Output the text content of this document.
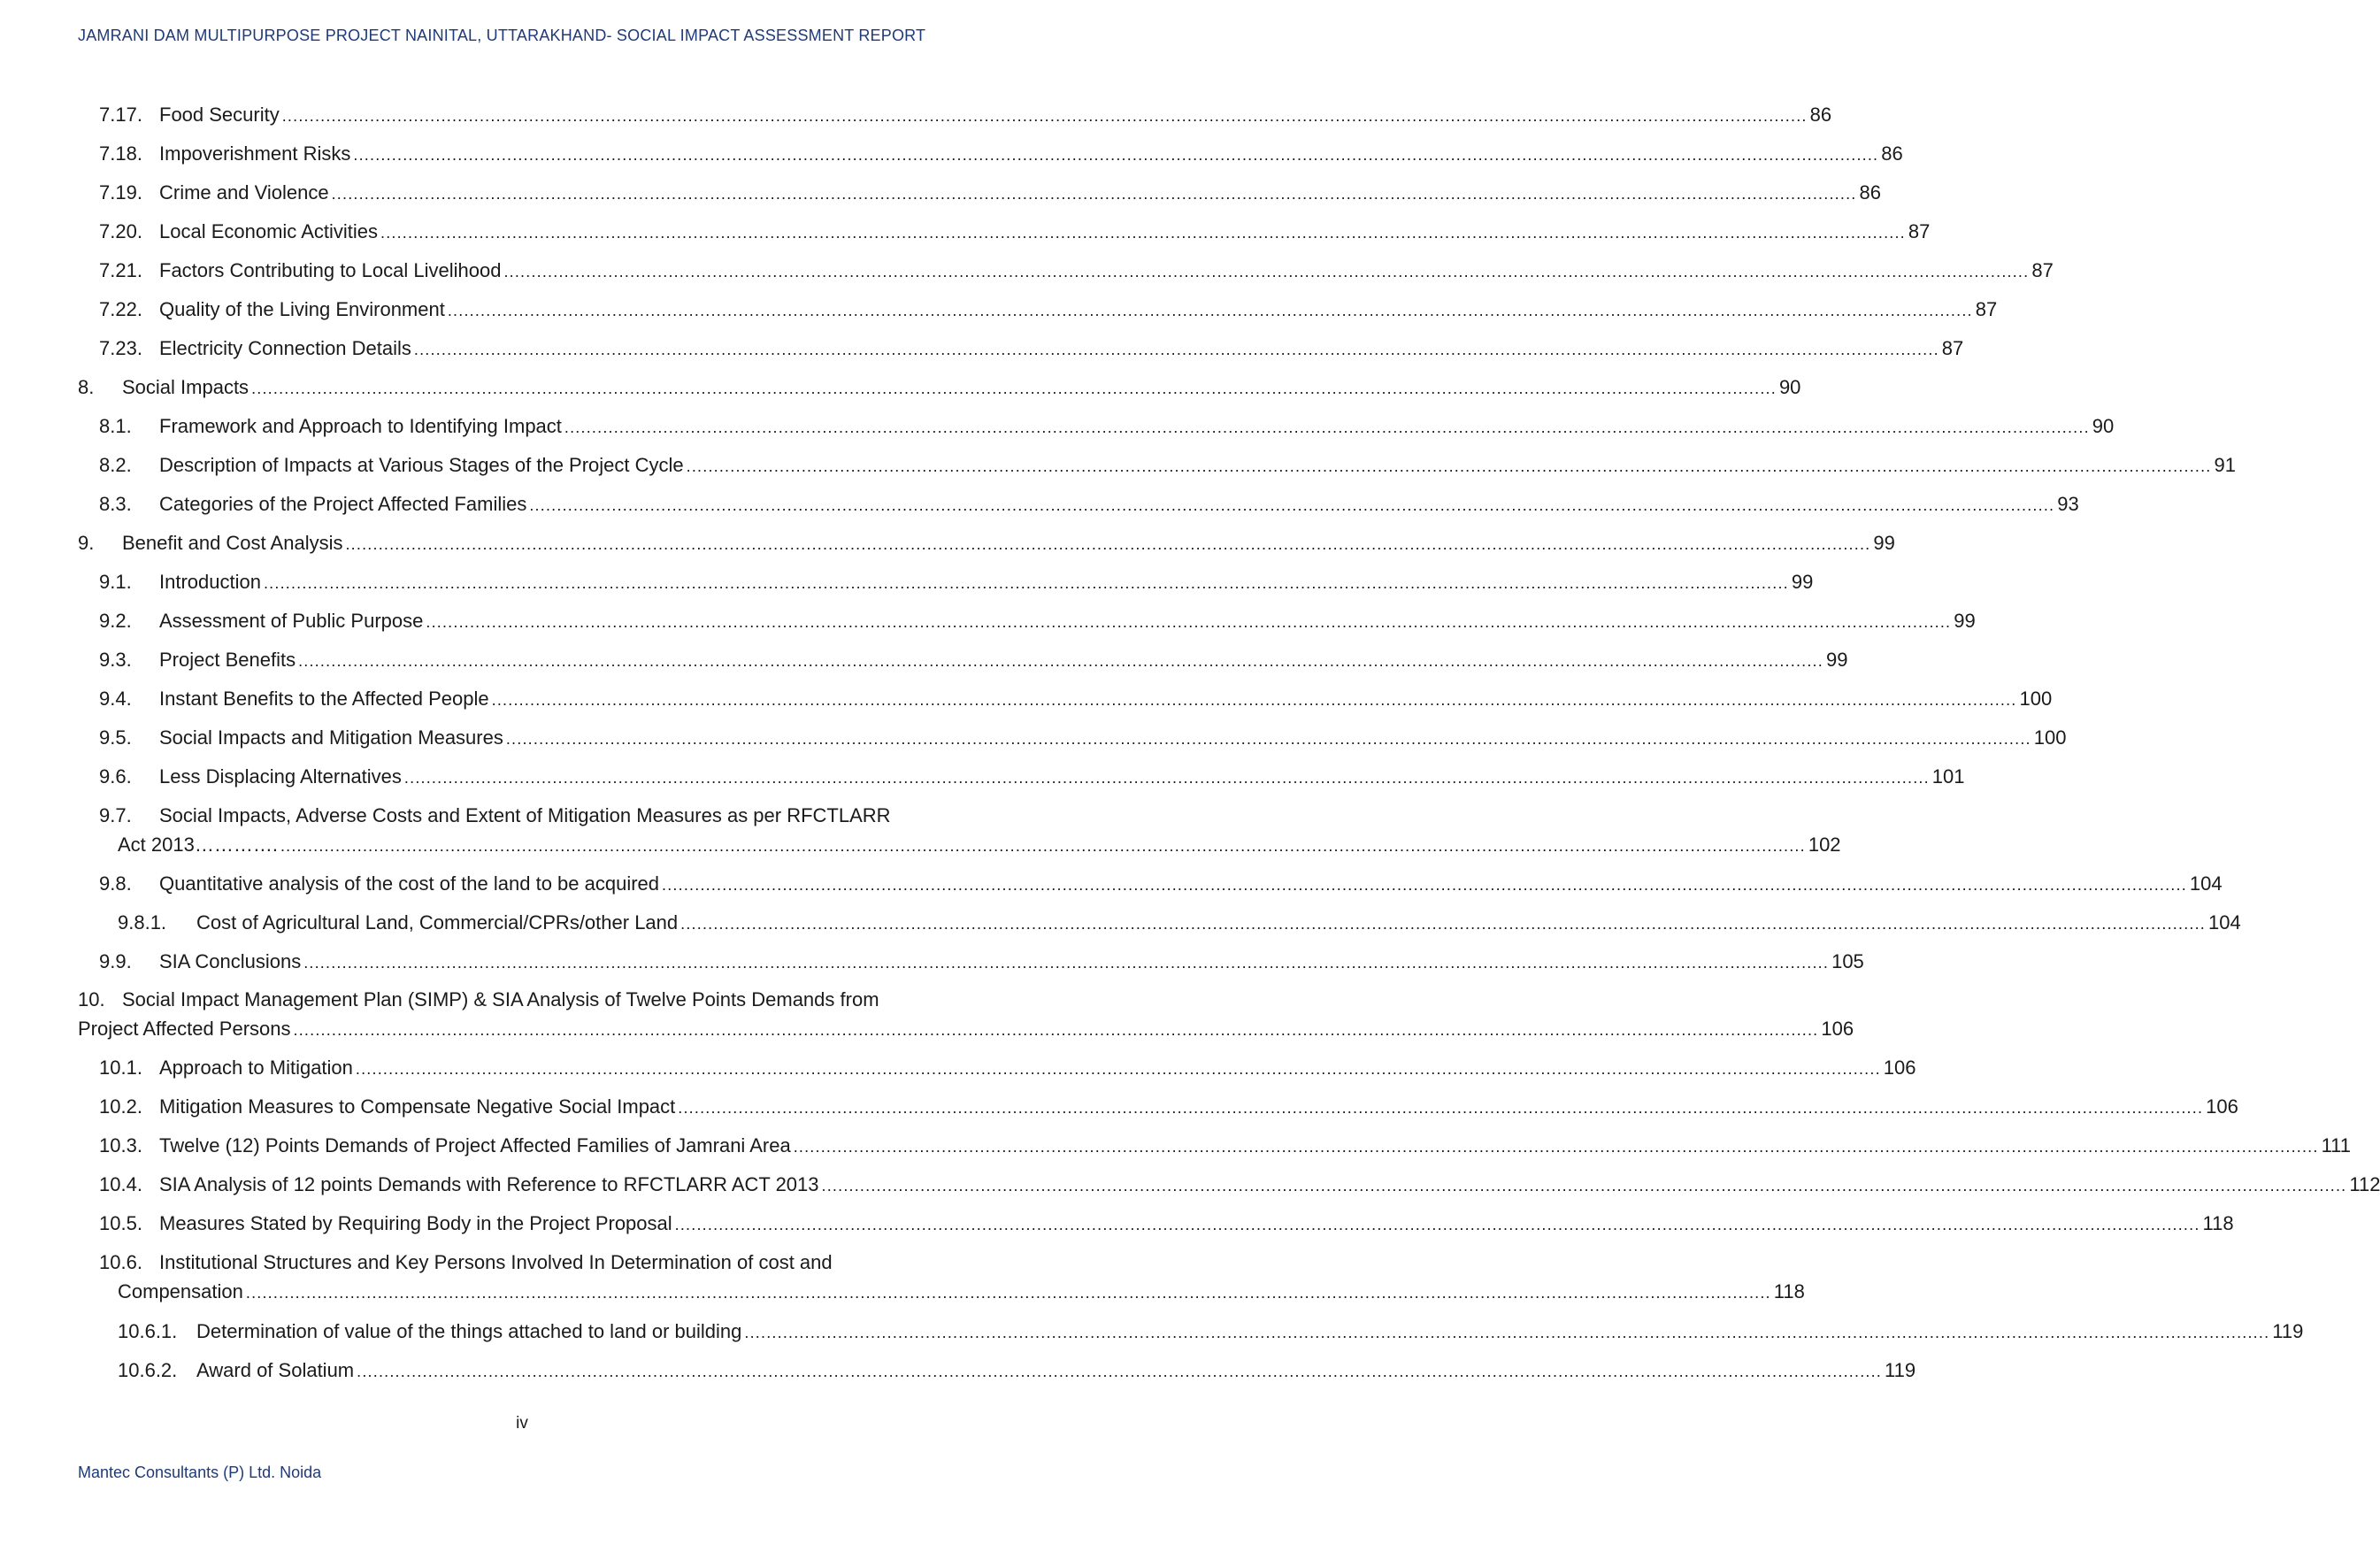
JAMRANI DAM MULTIPURPOSE PROJECT NAINITAL, UTTARAKHAND- SOCIAL IMPACT ASSESSMENT REPORT
7.17. Food Security .....	86
7.18. Impoverishment Risks .....	86
7.19. Crime and Violence .....	86
7.20. Local Economic Activities .....	87
7.21. Factors Contributing to Local Livelihood .....	87
7.22. Quality of the Living Environment .....	87
7.23. Electricity Connection Details .....	87
8.	Social Impacts .....	90
8.1.	Framework and Approach to Identifying Impact .....	90
8.2.	Description of Impacts at Various Stages of the Project Cycle .....	91
8.3.	Categories of the Project Affected Families .....	93
9.	Benefit and Cost Analysis .....	99
9.1.	Introduction .....	99
9.2.	Assessment of Public Purpose .....	99
9.3.	Project Benefits .....	99
9.4.	Instant Benefits to the Affected People .....	100
9.5.	Social Impacts and Mitigation Measures .....	100
9.6.	Less Displacing Alternatives .....	101
9.7.	Social Impacts, Adverse Costs and Extent of Mitigation Measures as per RFCTLARR
Act 2013…………. .....	102
9.8.	Quantitative analysis of the cost of the land to be acquired .....	104
9.8.1.	Cost of Agricultural Land, Commercial/CPRs/other Land .....	104
9.9.	SIA Conclusions .....	105
10. Social Impact Management Plan (SIMP) & SIA Analysis of Twelve Points Demands from
Project Affected Persons .....	106
10.1. Approach to Mitigation .....	106
10.2. Mitigation Measures to Compensate Negative Social Impact .....	106
10.3. Twelve (12) Points Demands of Project Affected Families of Jamrani Area .....	111
10.4. SIA Analysis of 12 points Demands with Reference to RFCTLARR ACT 2013 .....	112
10.5. Measures Stated by Requiring Body in the Project Proposal .....	118
10.6. Institutional Structures and Key Persons Involved In Determination of cost and
Compensation .....	118
10.6.1. Determination of value of the things attached to land or building .....	119
10.6.2. Award of Solatium .....	119
iv
Mantec Consultants (P) Ltd. Noida
